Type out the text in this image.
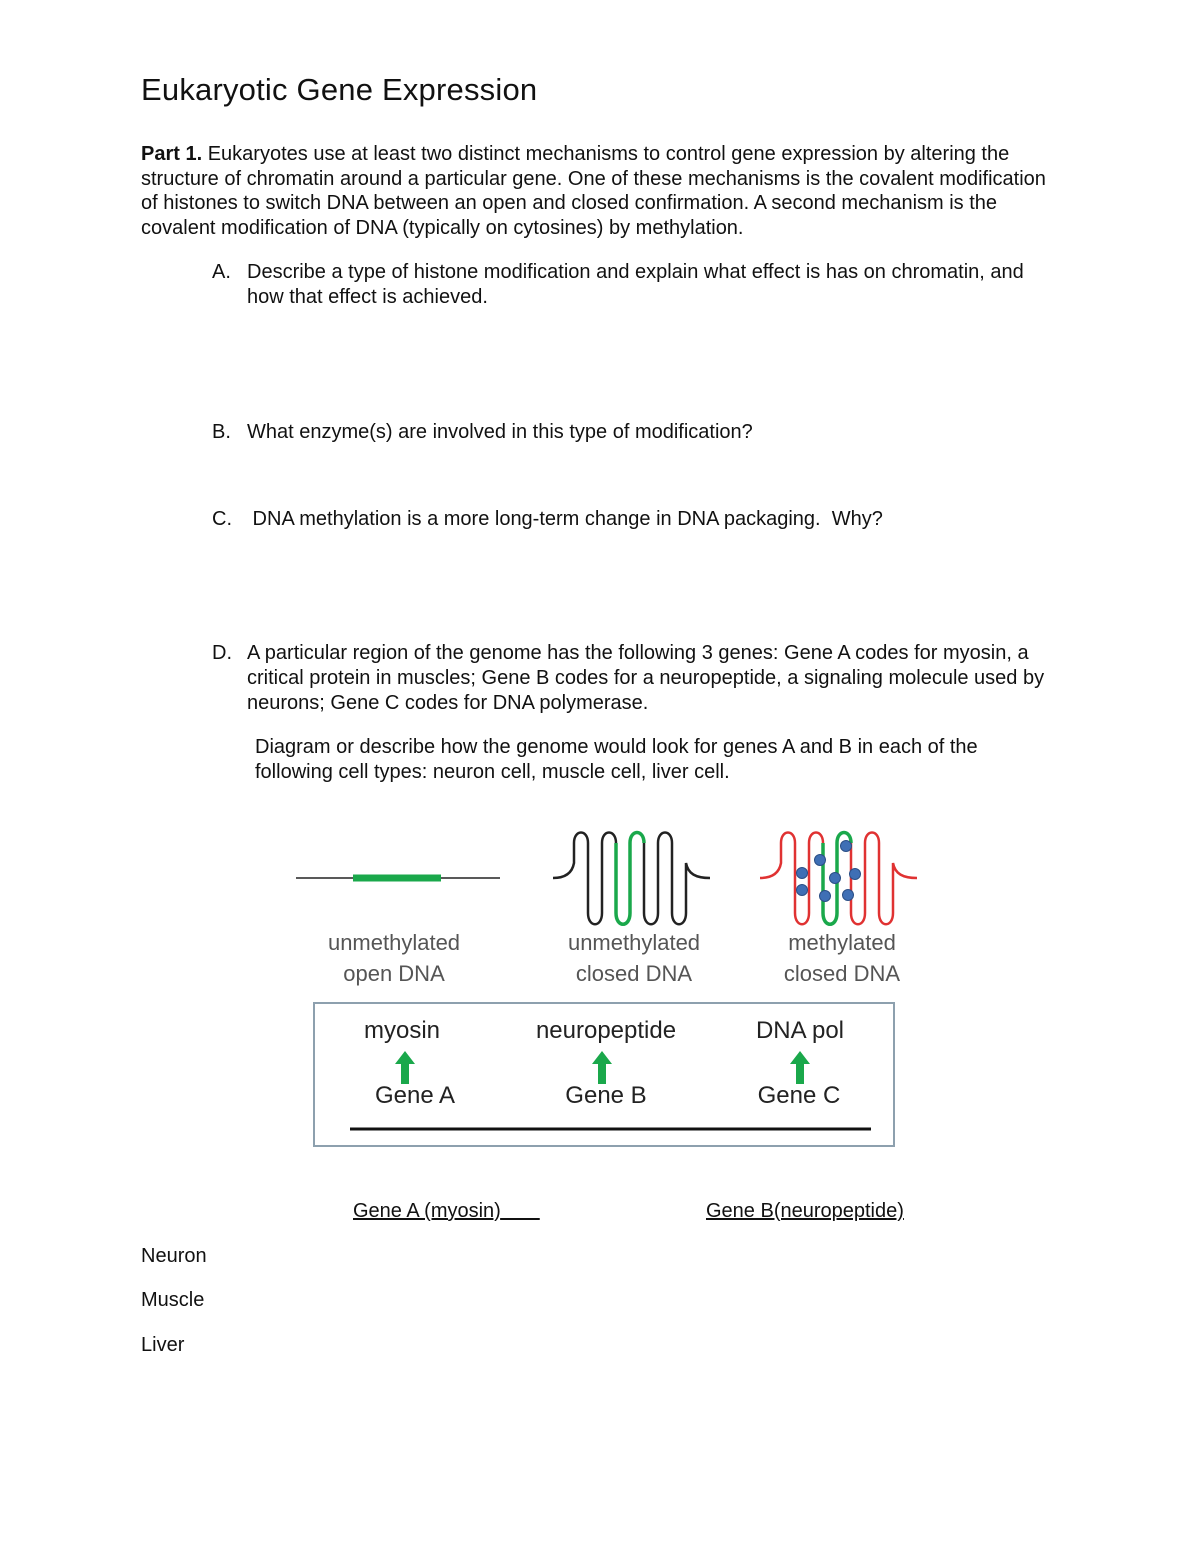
Eukaryotic Gene Expression

Part 1. Eukaryotes use at least two distinct mechanisms to control gene expression by altering the structure of chromatin around a particular gene. One of these mechanisms is the covalent modification of histones to switch DNA between an open and closed confirmation. A second mechanism is the covalent modification of DNA (typically on cytosines) by methylation.

A. Describe a type of histone modification and explain what effect is has on chromatin, and how that effect is achieved.
B. What enzyme(s) are involved in this type of modification?
C. DNA methylation is a more long-term change in DNA packaging.  Why?
D. A particular region of the genome has the following 3 genes: Gene A codes for myosin, a critical protein in muscles; Gene B codes for a neuropeptide, a signaling molecule used by neurons; Gene C codes for DNA polymerase.

Diagram or describe how the genome would look for genes A and B in each of the following cell types: neuron cell, muscle cell, liver cell.

unmethylated
open DNA
unmethylated
closed DNA
methylated
closed DNA
myosin	neuropeptide	DNA pol
Gene A	Gene B	Gene C
Gene A (myosin)	Gene B(neuropeptide)
Neuron
Muscle
Liver
